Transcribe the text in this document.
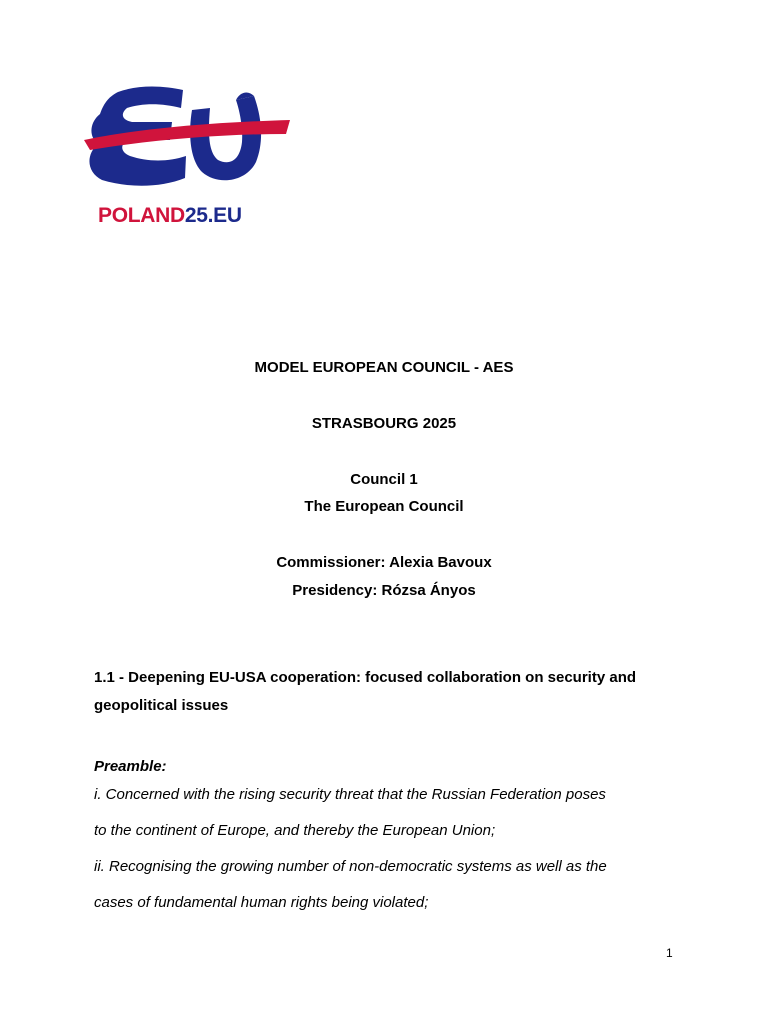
POLAND25.EU
MODEL EUROPEAN COUNCIL - AES
STRASBOURG 2025
Council 1
The European Council
Commissioner: Alexia Bavoux
Presidency: Rózsa Ányos
1.1 - Deepening EU-USA cooperation: focused collaboration on security and geopolitical issues
Preamble:
i. Concerned with the rising security threat that the Russian Federation poses
to the continent of Europe, and thereby the European Union;
ii. Recognising the growing number of non-democratic systems as well as the
cases of fundamental human rights being violated;
1
